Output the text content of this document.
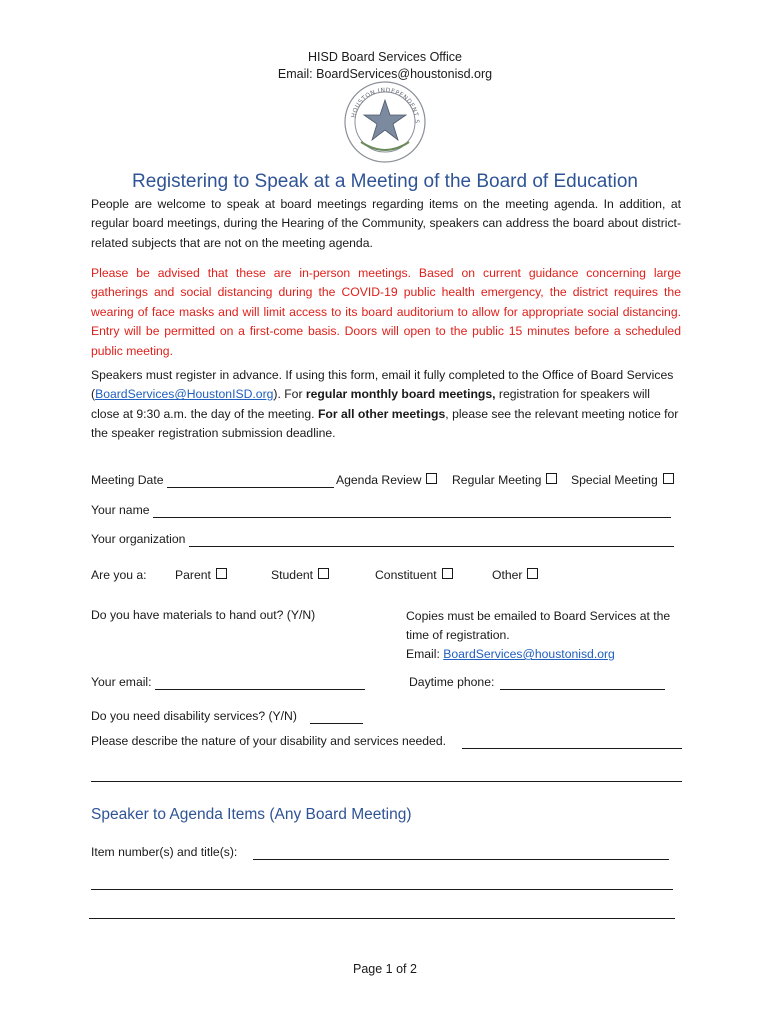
HISD Board Services Office
Email: BoardServices@houstonisd.org
HOUSTON INDEPENDENT S
Registering to Speak at a Meeting of the Board of Education
People are welcome to speak at board meetings regarding items on the meeting agenda. In addition, at regular board meetings, during the Hearing of the Community, speakers can address the board about district-related subjects that are not on the meeting agenda.
Please be advised that these are in-person meetings. Based on current guidance concerning large gatherings and social distancing during the COVID-19 public health emergency, the district requires the wearing of face masks and will limit access to its board auditorium to allow for appropriate social distancing. Entry will be permitted on a first-come basis. Doors will open to the public 15 minutes before a scheduled public meeting.
Speakers must register in advance. If using this form, email it fully completed to the Office of Board Services (BoardServices@HoustonISD.org). For regular monthly board meetings, registration for speakers will close at 9:30 a.m. the day of the meeting. For all other meetings, please see the relevant meeting notice for the speaker registration submission deadline.
Meeting Date	Agenda Review	Regular Meeting	Special Meeting
Your name
Your organization
Are you a: Parent	Student	Constituent	Other
Do you have materials to hand out? (Y/N)	Copies must be emailed to Board Services at the
time of registration.
Email: BoardServices@houstonisd.org
Your email:	Daytime phone:
Do you need disability services? (Y/N)
Please describe the nature of your disability and services needed.
Speaker to Agenda Items (Any Board Meeting)
Item number(s) and title(s):
Page 1 of 2
